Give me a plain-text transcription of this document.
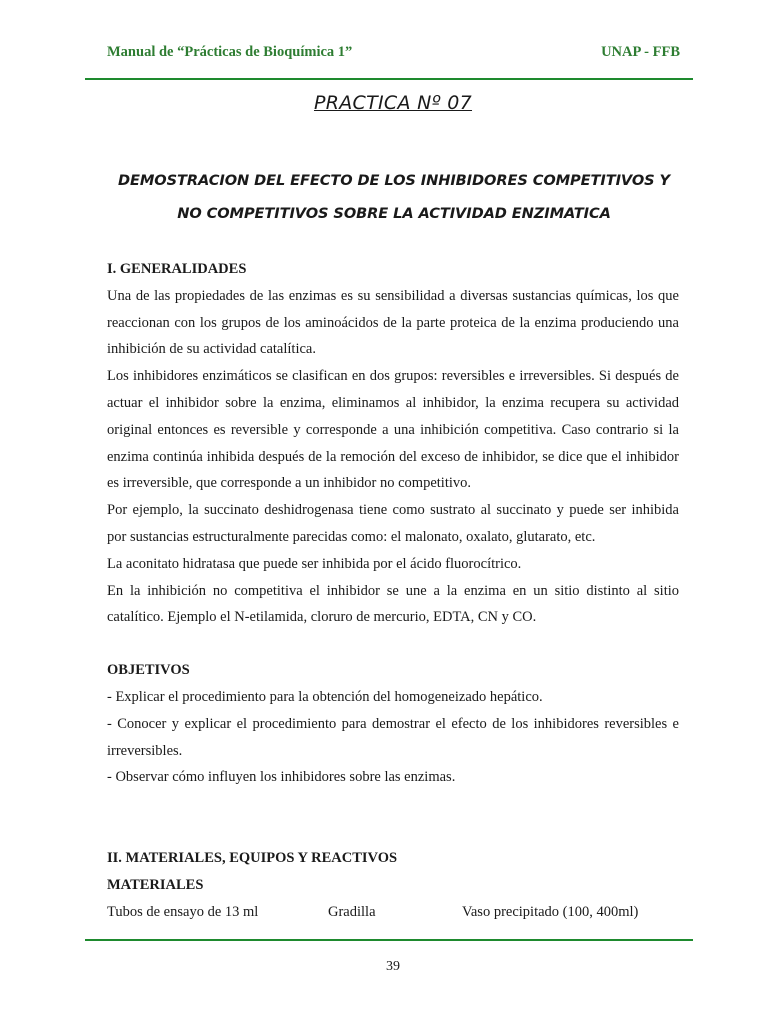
Manual de “Prácticas de Bioquímica 1”	UNAP - FFB
PRACTICA Nº 07
DEMOSTRACION DEL EFECTO DE LOS INHIBIDORES COMPETITIVOS Y
NO COMPETITIVOS SOBRE LA ACTIVIDAD ENZIMATICA

I. GENERALIDADES

Una de las propiedades de las enzimas es su sensibilidad a diversas sustancias químicas, los que reaccionan con los grupos de los aminoácidos de la parte proteica de la enzima produciendo una inhibición de su actividad catalítica.

Los inhibidores enzimáticos se clasifican en dos grupos: reversibles e irreversibles. Si después de actuar el inhibidor sobre la enzima, eliminamos al inhibidor, la enzima recupera su actividad original entonces es reversible y corresponde a una inhibición competitiva. Caso contrario si la enzima continúa inhibida después de la remoción del exceso de inhibidor, se dice que el inhibidor es irreversible, que corresponde a un inhibidor no competitivo.

Por ejemplo, la succinato deshidrogenasa tiene como sustrato al succinato y puede ser inhibida por sustancias estructuralmente parecidas como: el malonato, oxalato, glutarato, etc.

La aconitato hidratasa que puede ser inhibida por el ácido fluorocítrico.

En la inhibición no competitiva el inhibidor se une a la enzima en un sitio distinto al sitio catalítico. Ejemplo el N-etilamida, cloruro de mercurio, EDTA, CN y CO.

OBJETIVOS

- Explicar el procedimiento para la obtención del homogeneizado hepático.

- Conocer y explicar el procedimiento para demostrar el efecto de los inhibidores reversibles e irreversibles.

- Observar cómo influyen los inhibidores sobre las enzimas.

II. MATERIALES, EQUIPOS Y REACTIVOS

MATERIALES

Tubos de ensayo de 13 ml	Gradilla	Vaso precipitado (100, 400ml)
39
